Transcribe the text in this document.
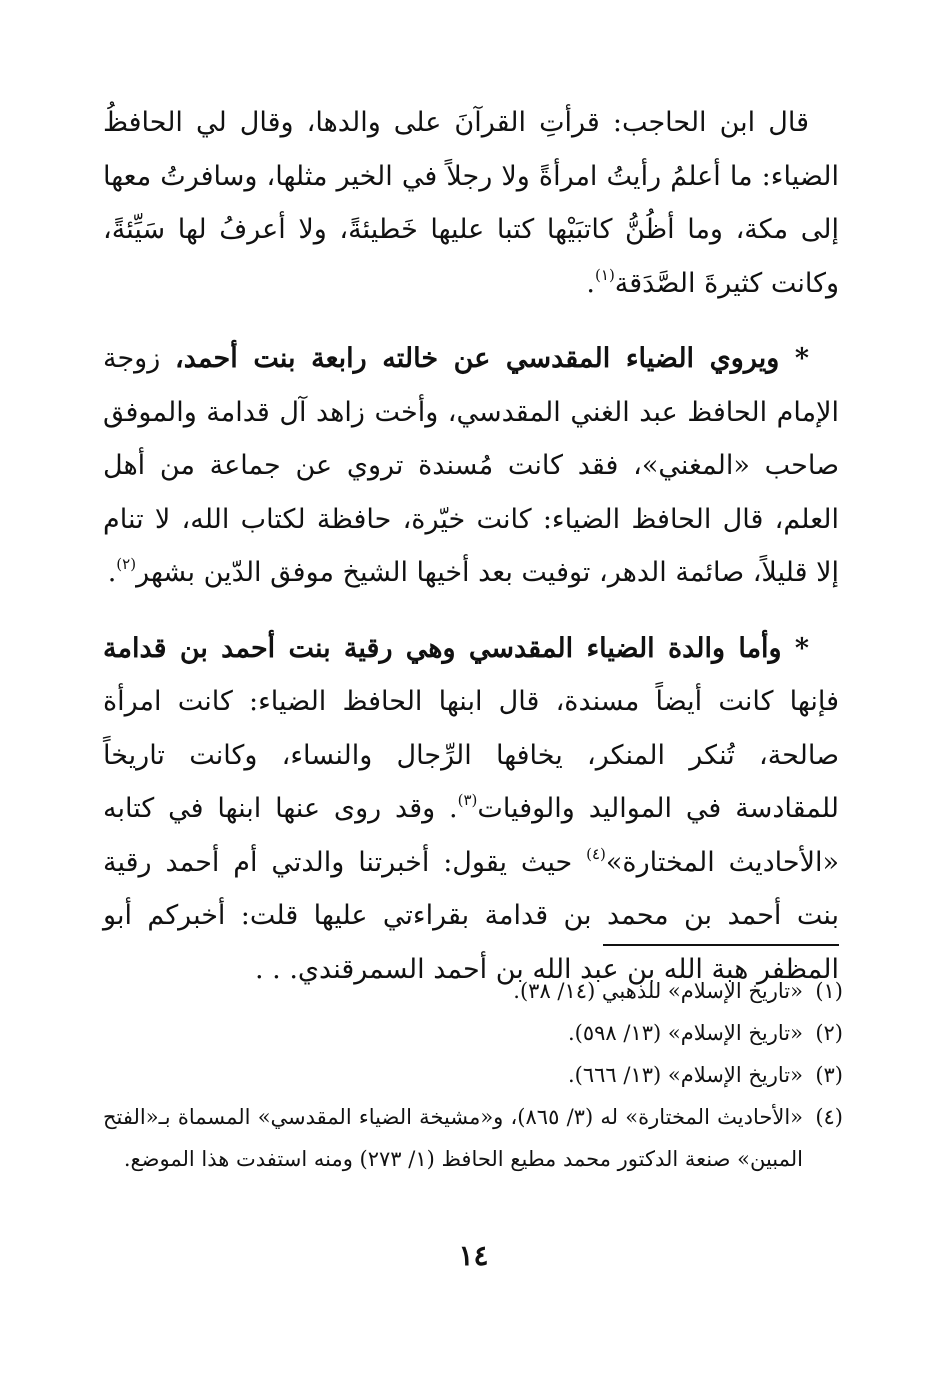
قال ابن الحاجب: قرأتِ القرآنَ على والدها، وقال لي الحافظُ الضياء: ما أعلمُ رأيتُ امرأةً ولا رجلاً في الخير مثلها، وسافرتُ معها إلى مكة، وما أظُنُّ كاتبَيْها كتبا عليها خَطيئةً، ولا أعرفُ لها سَيِّئةً، وكانت كثيرةَ الصَّدَقة$^{(١)}$.

* ويروي الضياء المقدسي عن خالته رابعة بنت أحمد، زوجة الإمام الحافظ عبد الغني المقدسي، وأخت زاهد آل قدامة والموفق صاحب «المغني»، فقد كانت مُسندة تروي عن جماعة من أهل العلم، قال الحافظ الضياء: كانت خيّرة، حافظة لكتاب الله، لا تنام إلا قليلاً، صائمة الدهر، توفيت بعد أخيها الشيخ موفق الدّين بشهر$^{(٢)}$.

* وأما والدة الضياء المقدسي وهي رقية بنت أحمد بن قدامة فإنها كانت أيضاً مسندة، قال ابنها الحافظ الضياء: كانت امرأة صالحة، تُنكر المنكر، يخافها الرِّجال والنساء، وكانت تاريخاً للمقادسة في المواليد والوفيات$^{(٣)}$. وقد روى عنها ابنها في كتابه «الأحاديث المختارة»$^{(٤)}$ حيث يقول: أخبرتنا والدتي أم أحمد رقية بنت أحمد بن محمد بن قدامة بقراءتي عليها قلت: أخبركم أبو المظفر هبة الله بن عبد الله بن أحمد السمرقندي. . .

(١)
«تاريخ الإسلام» للذهبي (١٤/ ٣٨).
(٢)
«تاريخ الإسلام» (١٣/ ٥٩٨).
(٣)
«تاريخ الإسلام» (١٣/ ٦٦٦).
(٤)
«الأحاديث المختارة» له (٣/ ٨٦٥)، و«مشيخة الضياء المقدسي» المسماة بـ«الفتح المبين» صنعة الدكتور محمد مطيع الحافظ (١/ ٢٧٣) ومنه استفدت هذا الموضع.
١٤
